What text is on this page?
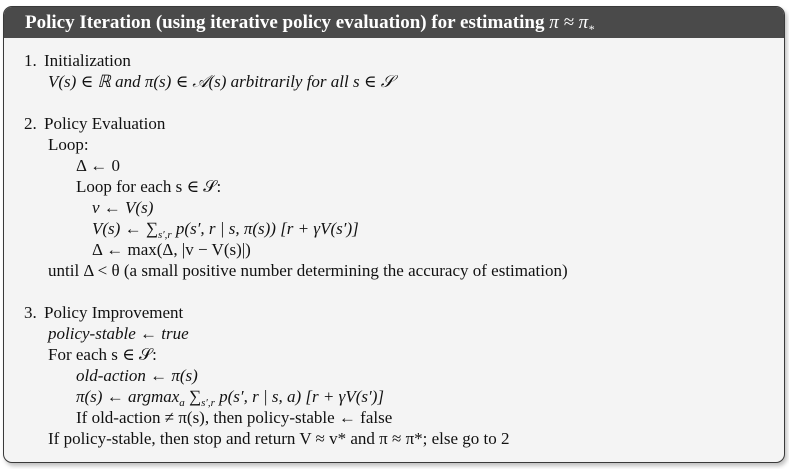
Policy Iteration (using iterative policy evaluation) for estimating $\pi \approx \pi_*$
1. Initialization
V(s) ∈ ℝ and π(s) ∈ 𝒜(s) arbitrarily for all s ∈ 𝒮
2. Policy Evaluation
Loop:
Δ ← 0
Loop for each s ∈ 𝒮:
v ← V(s)
V(s) ← $\sum_{s',r}$ p(s′, r | s, π(s)) [r + γV(s′)]
Δ ← max(Δ, |v − V(s)|)
until Δ < θ (a small positive number determining the accuracy of estimation)
3. Policy Improvement
policy-stable ← true
For each s ∈ 𝒮:
old-action ← π(s)
π(s) ← argmax$_a$ $\sum_{s',r}$ p(s′, r | s, a) [r + γV(s′)]
If old-action ≠ π(s), then policy-stable ← false
If policy-stable, then stop and return V ≈ v* and π ≈ π*; else go to 2
